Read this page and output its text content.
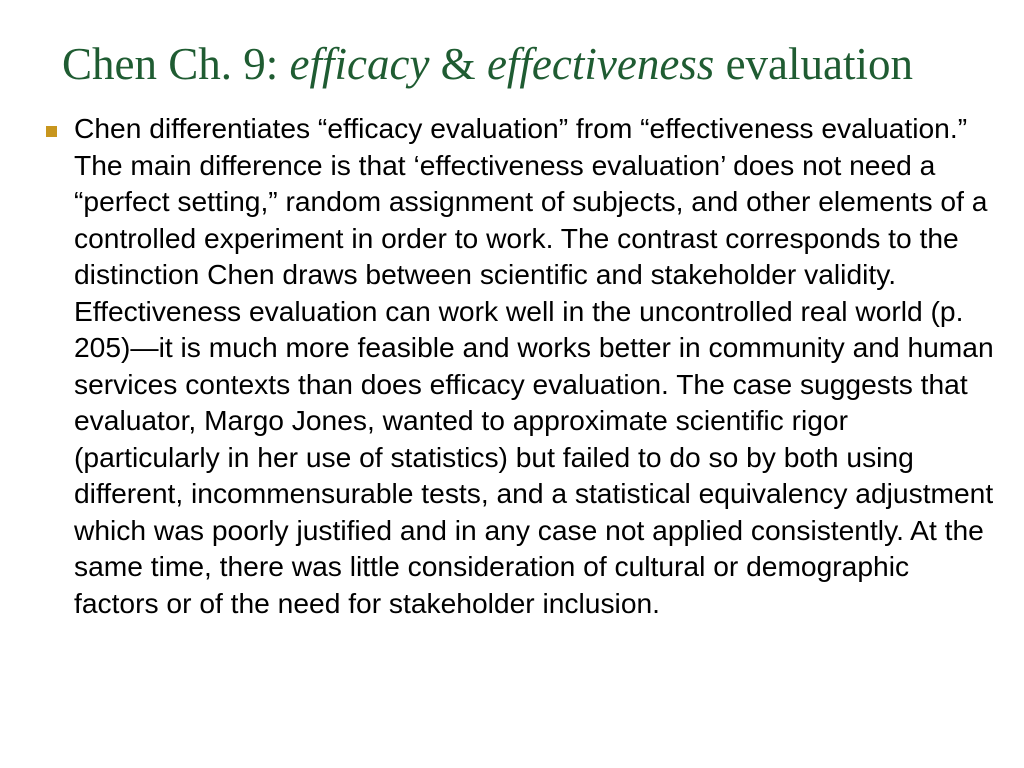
Chen Ch. 9: efficacy & effectiveness evaluation

Chen differentiates “efficacy evaluation” from “effectiveness evaluation.” The main difference is that ‘effectiveness evaluation’ does not need a “perfect setting,” random assignment of subjects, and other elements of a controlled experiment in order to work. The contrast corresponds to the distinction Chen draws between scientific and stakeholder validity. Effectiveness evaluation can work well in the uncontrolled real world (p. 205)—it is much more feasible and works better in community and human services contexts than does efficacy evaluation. The case suggests that evaluator, Margo Jones, wanted to approximate scientific rigor (particularly in her use of statistics) but failed to do so by both using different, incommensurable tests, and a statistical equivalency adjustment which was poorly justified and in any case not applied consistently. At the same time, there was little consideration of cultural or demographic factors or of the need for stakeholder inclusion.
